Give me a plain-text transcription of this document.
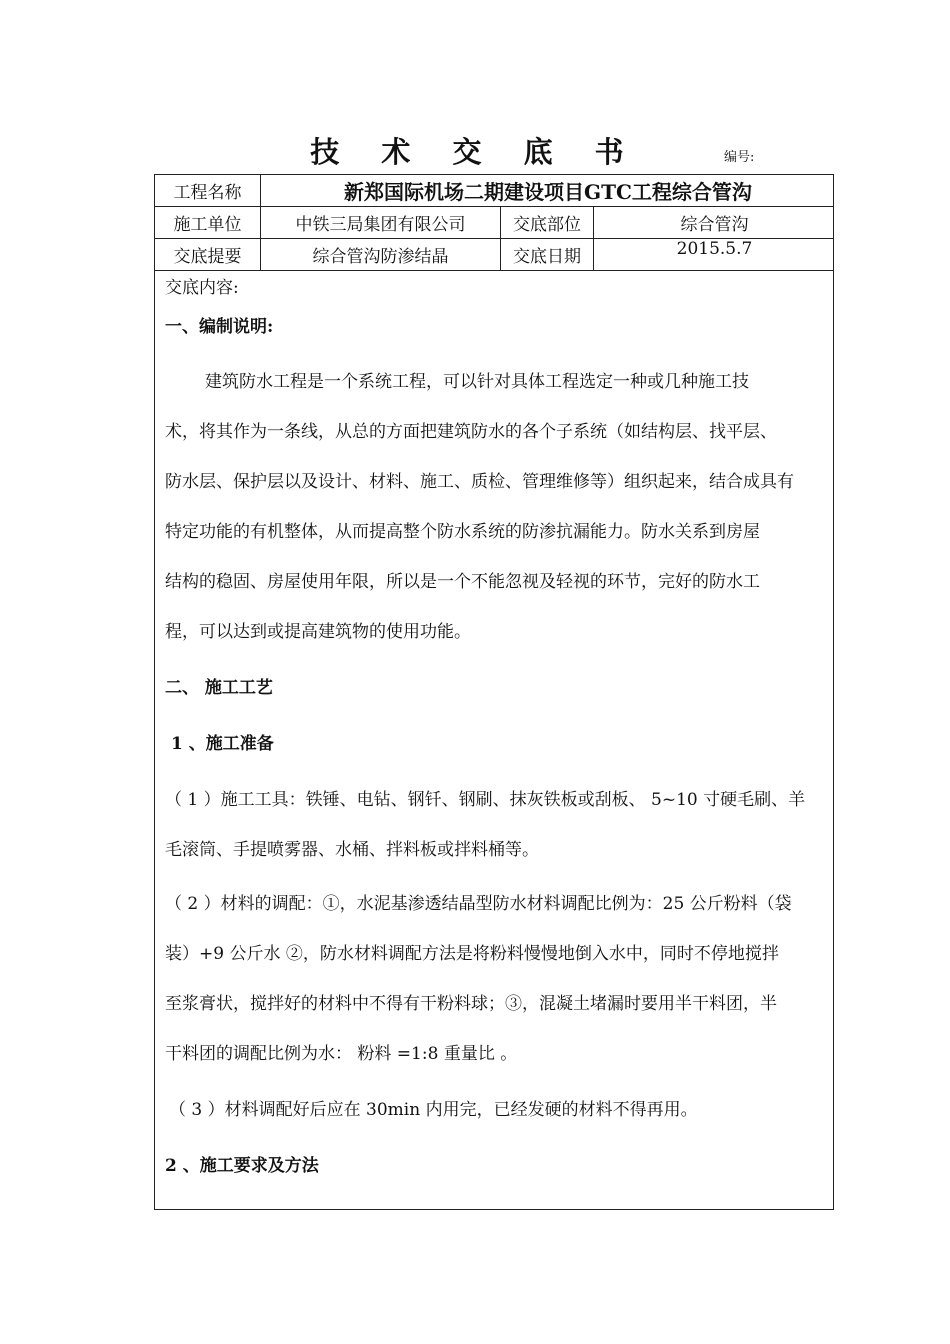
技 术 交 底 书	编号:
工程名称	新郑国际机场二期建设项目GTC工程综合管沟
施工单位	中铁三局集团有限公司	交底部位	综合管沟
交底提要	综合管沟防渗结晶	交底日期	2015.5.7
交底内容:
一、编制说明:
建筑防水工程是一个系统工程，可以针对具体工程选定一种或几种施工技
术，将其作为一条线，从总的方面把建筑防水的各个子系统（如结构层、找平层、
防水层、保护层以及设计、材料、施工、质检、管理维修等）组织起来，结合成具有
特定功能的有机整体，从而提高整个防水系统的防渗抗漏能力。防水关系到房屋
结构的稳固、房屋使用年限，所以是一个不能忽视及轻视的环节，完好的防水工
程，可以达到或提高建筑物的使用功能。
二、 施工工艺
1 、施工准备
（ 1 ）施工工具：铁锤、电钻、钢钎、钢刷、抹灰铁板或刮板、 5~10 寸硬毛刷、羊
毛滚筒、手提喷雾器、水桶、拌料板或拌料桶等。
（ 2 ）材料的调配：①，水泥基渗透结晶型防水材料调配比例为：25 公斤粉料（袋
装）+9 公斤水 ②，防水材料调配方法是将粉料慢慢地倒入水中，同时不停地搅拌
至浆膏状，搅拌好的材料中不得有干粉料球；③，混凝土堵漏时要用半干料团，半
干料团的调配比例为水： 粉料 =1:8 重量比 。
（ 3 ）材料调配好后应在 30min 内用完，已经发硬的材料不得再用。
2 、施工要求及方法
